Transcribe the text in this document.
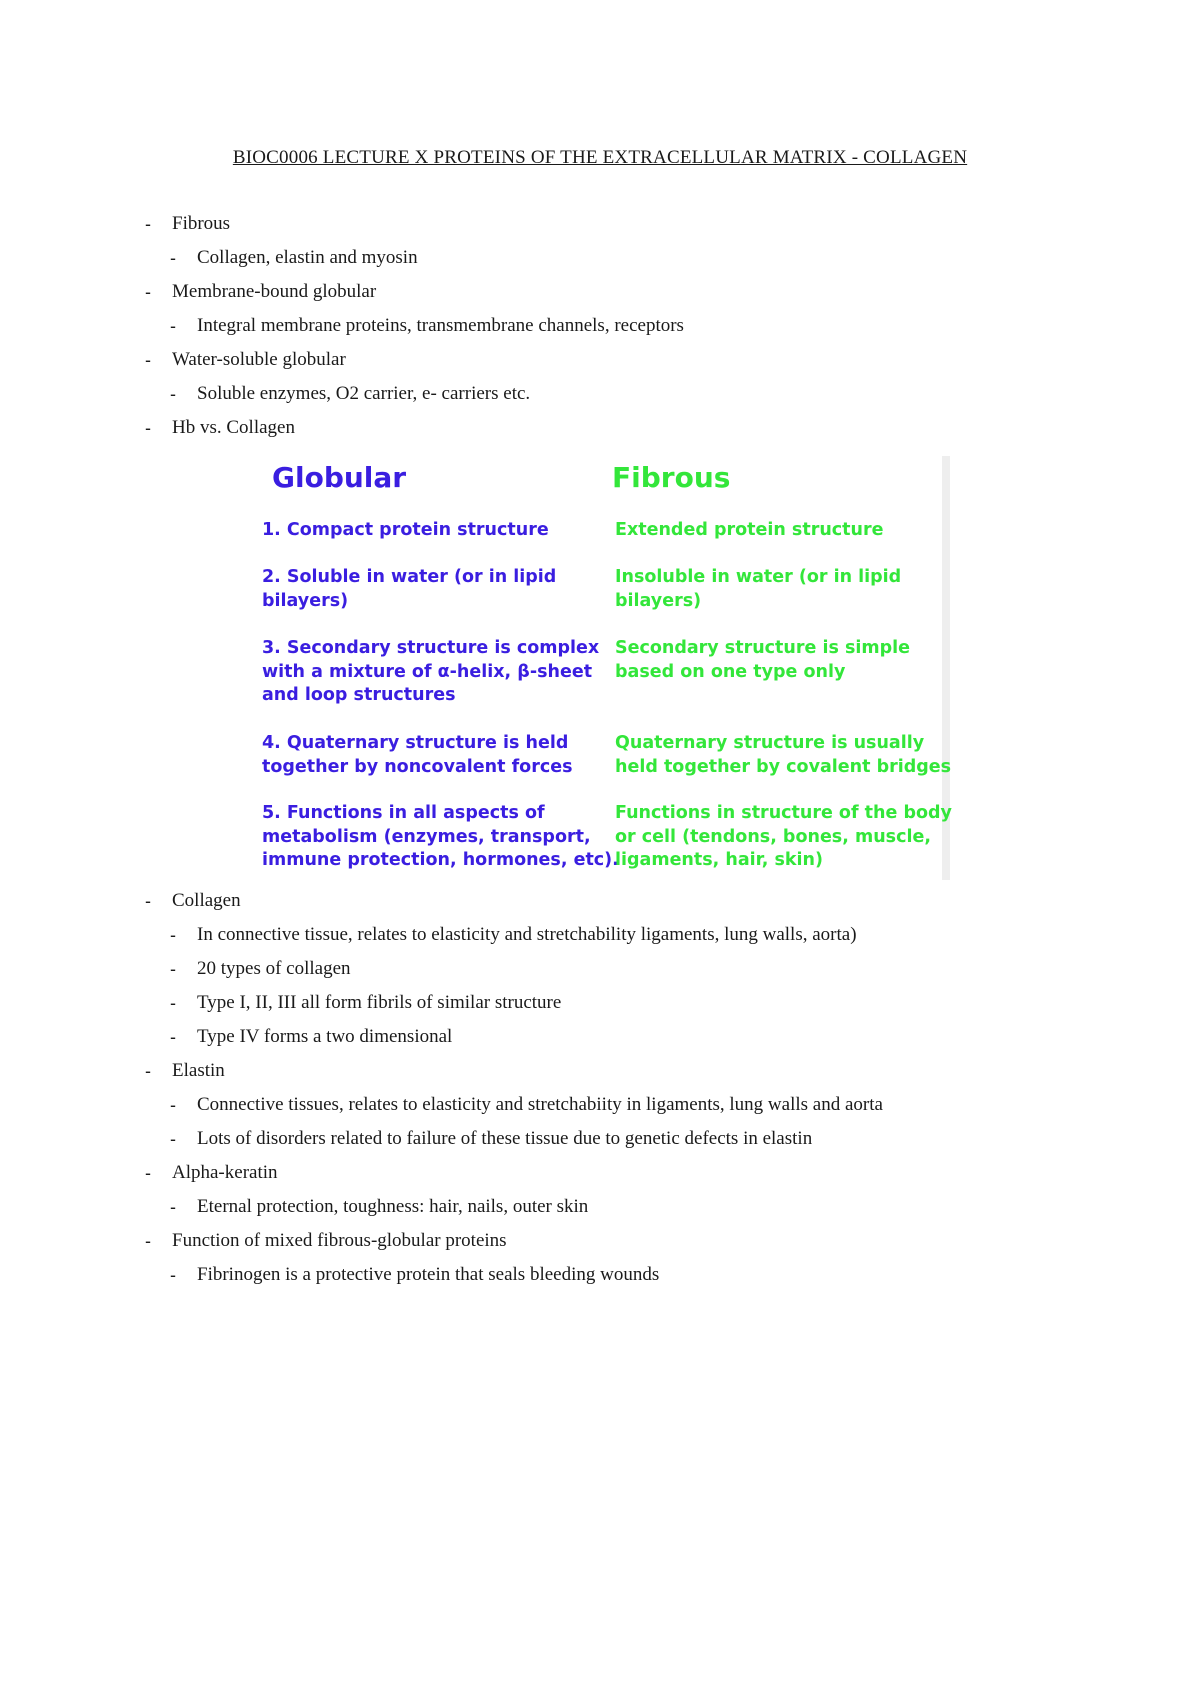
BIOC0006 LECTURE X PROTEINS OF THE EXTRACELLULAR MATRIX - COLLAGEN
- Fibrous
- Collagen, elastin and myosin
- Membrane-bound globular
- Integral membrane proteins, transmembrane channels, receptors
- Water-soluble globular
- Soluble enzymes, O2 carrier, e- carriers etc.
- Hb vs. Collagen
Globular	Fibrous
1. Compact protein structure	Extended protein structure
2. Soluble in water (or in lipid
bilayers)
Insoluble in water (or in lipid
bilayers)
3. Secondary structure is complex
with a mixture of α-helix, β-sheet
and loop structures
Secondary structure is simple
based on one type only
4. Quaternary structure is held
together by noncovalent forces
Quaternary structure is usually
held together by covalent bridges
5. Functions in all aspects of
metabolism (enzymes, transport,
immune protection, hormones, etc).
Functions in structure of the body
or cell (tendons, bones, muscle,
ligaments, hair, skin)
- Collagen
- In connective tissue, relates to elasticity and stretchability ligaments, lung walls, aorta)
- 20 types of collagen
- Type I, II, III all form fibrils of similar structure
- Type IV forms a two dimensional
- Elastin
- Connective tissues, relates to elasticity and stretchabiity in ligaments, lung walls and aorta
- Lots of disorders related to failure of these tissue due to genetic defects in elastin
- Alpha-keratin
- Eternal protection, toughness: hair, nails, outer skin
- Function of mixed fibrous-globular proteins
- Fibrinogen is a protective protein that seals bleeding wounds
